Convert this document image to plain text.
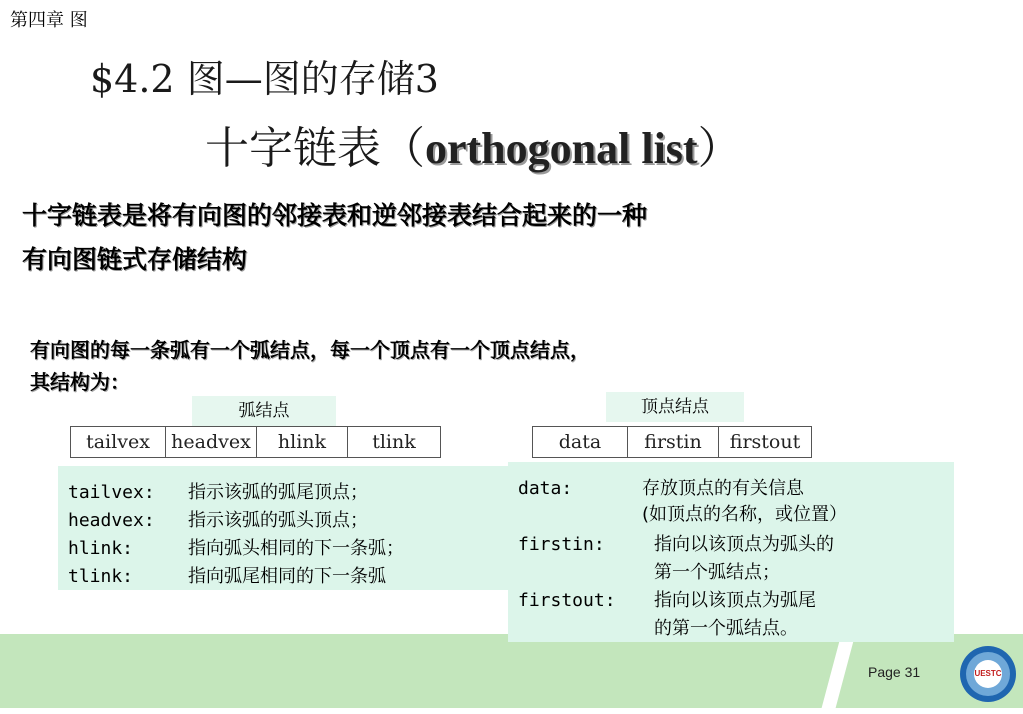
第四章 图
$4.2 图—图的存储3
十字链表（orthogonal list）
十字链表是将有向图的邻接表和逆邻接表结合起来的一种
有向图链式存储结构
有向图的每一条弧有一个弧结点，每一个顶点有一个顶点结点，
其结构为：
弧结点
tailvex	headvex	hlink	tlink
顶点结点
data	firstin	firstout
tailvex: 指示该弧的弧尾顶点；
headvex: 指示该弧的弧头顶点；
hlink:	指向弧头相同的下一条弧；
tlink:	指向弧尾相同的下一条弧
Page 31	UESTC
data:	存放顶点的有关信息
(如顶点的名称，或位置）
firstin:	指向以该顶点为弧头的
第一个弧结点；
firstout: 指向以该顶点为弧尾
的第一个弧结点。
